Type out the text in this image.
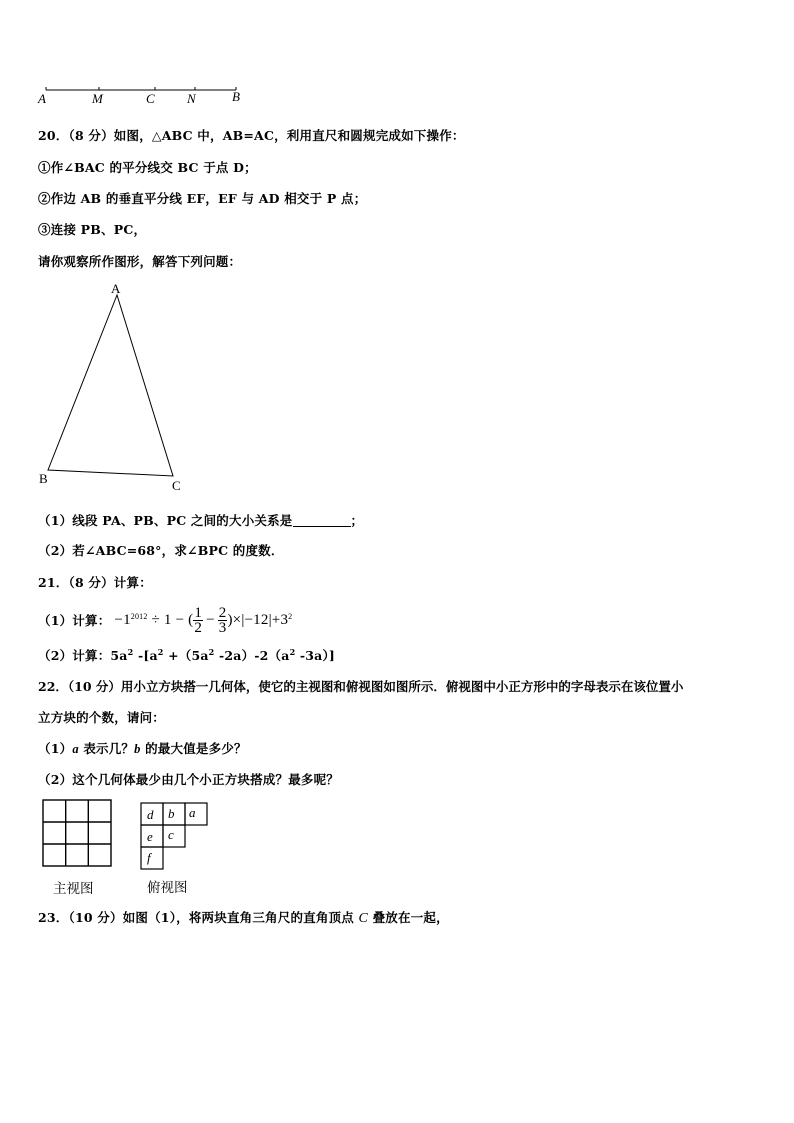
A	M	C N	B
20．（8 分）如图，△ABC 中，AB=AC，利用直尺和圆规完成如下操作：
①作∠BAC 的平分线交 BC 于点 D；
②作边 AB 的垂直平分线 EF，EF 与 AD 相交于 P 点；
③连接 PB、PC，
请你观察所作图形，解答下列问题：
A
B	C
（1）线段 PA、PB、PC 之间的大小关系是	；
（2）若∠ABC=68°，求∠BPC 的度数．
21．（8 分）计算：
（1）计算： $-1^{2012} \div 1$ − ( $\frac{1}{2} - \frac{2}{3} )\times|-12|+3^2$
（2）计算：$5a^2$ $-[a^2 +(5a^2$ $-2a)-2(a^2$ -3a）]
22．（10 分）用小立方块搭一几何体，使它的主视图和俯视图如图所示．俯视图中小正方形中的字母表示在该位置小
立方块的个数，请问：
（1）a 表示几？b 的最大值是多少？
（2）这个几何体最少由几个小正方块搭成？最多呢？
主视图
d b a
e c
f
俯视图
23．（10 分）如图（1），将两块直角三角尺的直角顶点 C 叠放在一起，
